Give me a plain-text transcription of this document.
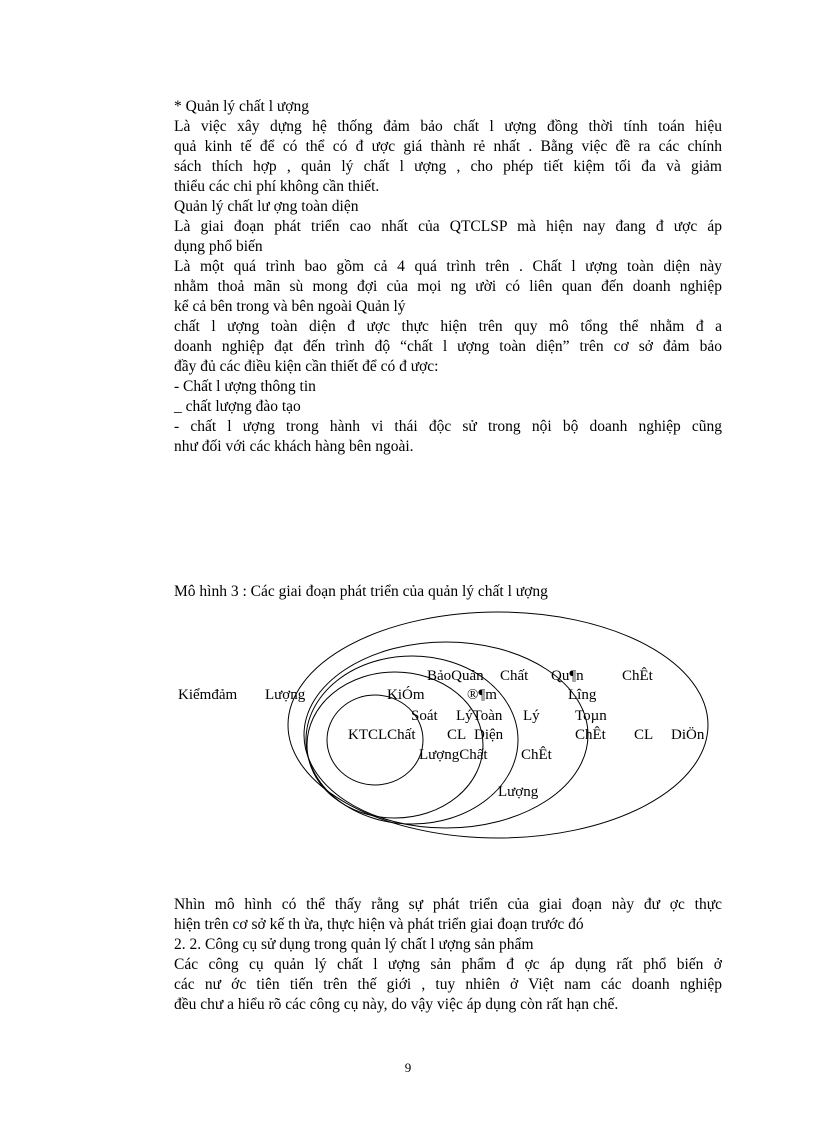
* Quản lý chất l ượng
Là việc xây dựng hệ thống đảm bảo chất l ượng đồng thời tính toán hiệu
quả kinh tế để có thể có đ ược giá thành rẻ nhất . Bằng việc đề ra các chính
sách thích hợp , quản lý chất l ượng , cho phép tiết kiệm tối đa và giảm
thiểu các chi phí không cần thiết.
Quản lý chất lư ợng toàn diện
Là giai đoạn phát triển cao nhất của QTCLSP mà hiện nay đang đ ược áp
dụng phổ biến
Là một quá trình bao gồm cả 4 quá trình trên . Chất l ượng toàn diện này
nhằm thoả mãn sù mong đợi của mọi ng ười có liên quan đến doanh nghiệp
kể cả bên trong và bên ngoài Quản lý
chất l ượng toàn diện đ ược thực hiện trên quy mô tổng thể nhằm đ a
doanh nghiệp đạt đến trình độ “chất l ượng toàn diện” trên cơ sở đảm bảo
đầy đủ các điều kiện cần thiết để có đ ược:
- Chất l ượng thông tin
_ chất lượng đào tạo
- chất l ượng trong hành vi thái độc sử trong nội bộ doanh nghiệp cũng
như đối với các khách hàng bên ngoài.
Mô hình 3 : Các giai đoạn phát triển của quản lý chất l ượng
BảoQuản Chất Qu¶n	ChÊt
Kiểmđảm Lượng	KiÓm	®¶m	Lîng
Soát LýToàn Lý Toµn
KTCLChất CL Diện	ChÊt CL DiÖn
LượngChất ChÊt
Lượng
Nhìn mô hình có thể thấy rằng sự phát triển của giai đoạn này đư ợc thực
hiện trên cơ sở kế th ừa, thực hiện và phát triển giai đoạn trước đó
2. 2. Công cụ sử dụng trong quản lý chất l ượng sản phẩm
Các công cụ quản lý chất l ượng sản phẩm đ ợc áp dụng rất phổ biến ở
các nư ớc tiên tiến trên thế giới , tuy nhiên ở Việt nam các doanh nghiệp
đều chư a hiểu rõ các công cụ này, do vậy việc áp dụng còn rất hạn chế.
9
